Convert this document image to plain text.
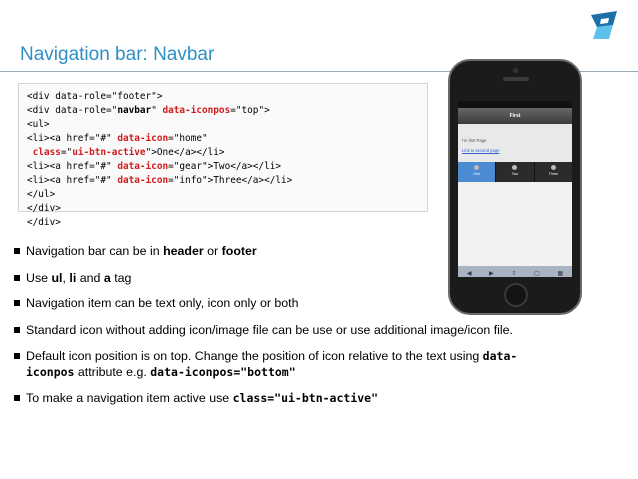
Navigation bar: Navbar
<div data-role="footer">
<div data-role="navbar" data-iconpos="top">
<ul>
<li><a href="#" data-icon="home"
class="ui-btn-active">One</a></li>
<li><a href="#" data-icon="gear">Two</a></li>
<li><a href="#" data-icon="info">Three</a></li>
</ul>
</div>
</div>
Navigation bar can be in header or footer
Use ul, li and a tag
Navigation item can be text only, icon only or both
Standard icon without adding icon/image file can be use or use additional image/icon file.
Default icon position is on top. Change the position of icon relative to the text using data-
iconpos attribute e.g. data-iconpos="bottom"
To make a navigation item active use class="ui-btn-active"
First
I'm first Page
Link to second page
One	Two	Three
◀	▶	⇧	▢	▦
